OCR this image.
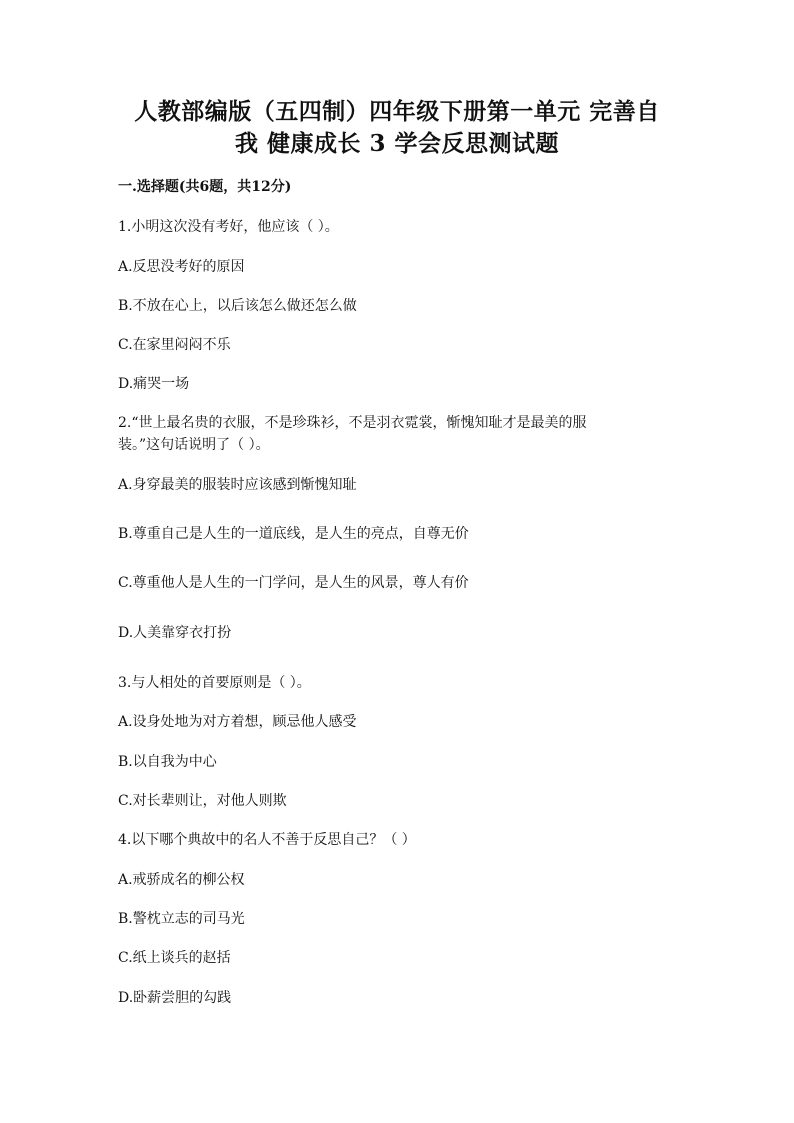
人教部编版（五四制）四年级下册第一单元 完善自
我 健康成长 3 学会反思测试题
一.选择题(共6题，共12分)
1.小明这次没有考好，他应该（ ）。
A.反思没考好的原因
B.不放在心上，以后该怎么做还怎么做
C.在家里闷闷不乐
D.痛哭一场
2.“世上最名贵的衣服，不是珍珠衫，不是羽衣霓裳，惭愧知耻才是最美的服
装。”这句话说明了（ ）。
A.身穿最美的服装时应该感到惭愧知耻
B.尊重自己是人生的一道底线，是人生的亮点，自尊无价
C.尊重他人是人生的一门学问，是人生的风景，尊人有价
D.人美靠穿衣打扮
3.与人相处的首要原则是（ ）。
A.设身处地为对方着想，顾忌他人感受
B.以自我为中心
C.对长辈则让，对他人则欺
4.以下哪个典故中的名人不善于反思自己？（ ）
A.戒骄成名的柳公权
B.警枕立志的司马光
C.纸上谈兵的赵括
D.卧薪尝胆的勾践
